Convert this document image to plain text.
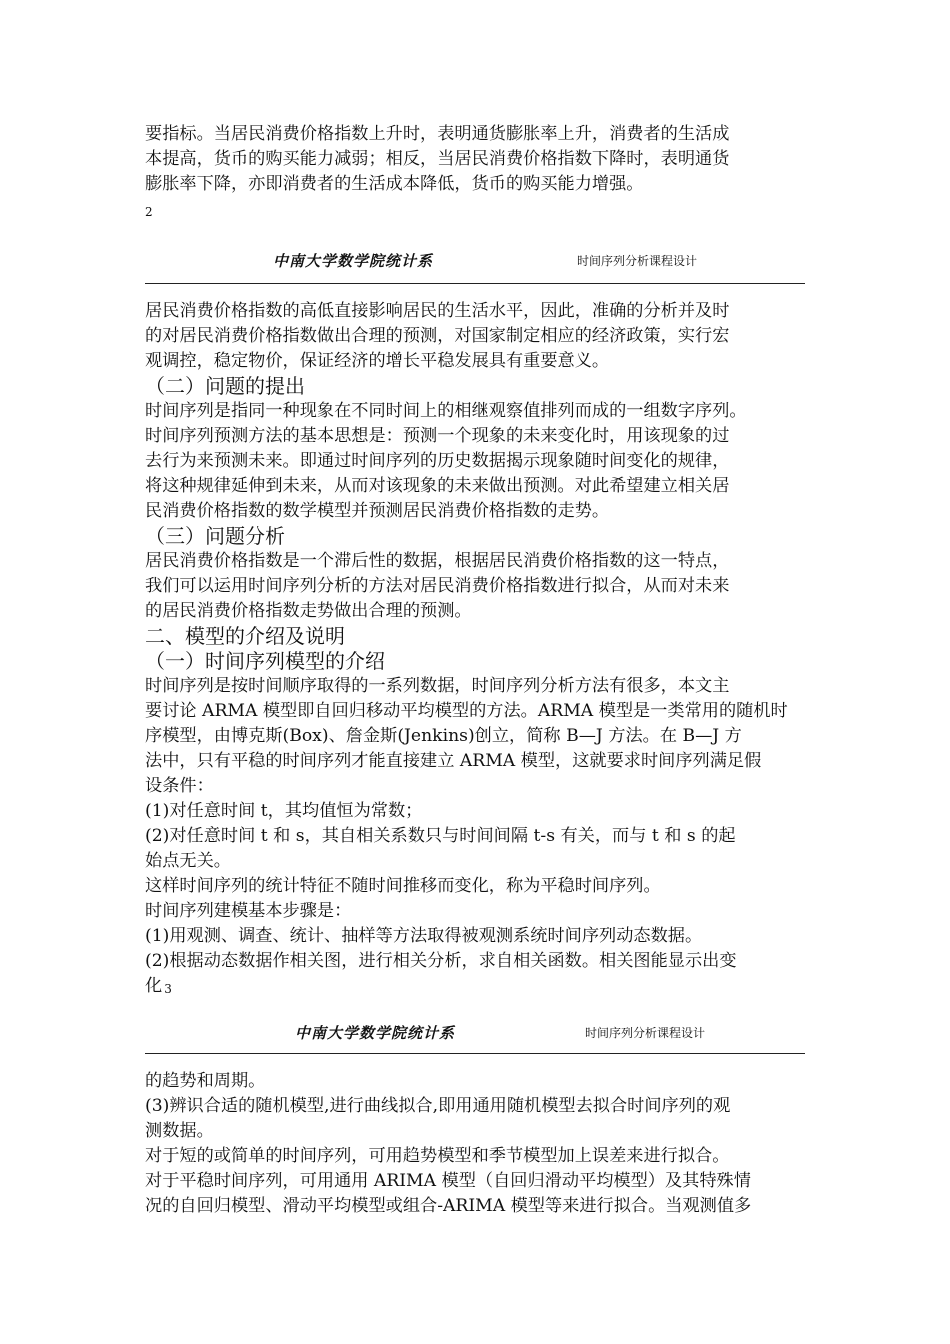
要指标。当居民消费价格指数上升时，表明通货膨胀率上升，消费者的生活成

本提高，货币的购买能力减弱；相反，当居民消费价格指数下降时，表明通货

膨胀率下降，亦即消费者的生活成本降低，货币的购买能力增强。

2
中南大学数学院统计系	时间序列分析课程设计

居民消费价格指数的高低直接影响居民的生活水平，因此，准确的分析并及时

的对居民消费价格指数做出合理的预测，对国家制定相应的经济政策，实行宏

观调控，稳定物价，保证经济的增长平稳发展具有重要意义。

（二）问题的提出

时间序列是指同一种现象在不同时间上的相继观察值排列而成的一组数字序列。

时间序列预测方法的基本思想是：预测一个现象的未来变化时，用该现象的过

去行为来预测未来。即通过时间序列的历史数据揭示现象随时间变化的规律，

将这种规律延伸到未来，从而对该现象的未来做出预测。对此希望建立相关居

民消费价格指数的数学模型并预测居民消费价格指数的走势。

（三）问题分析

居民消费价格指数是一个滞后性的数据，根据居民消费价格指数的这一特点，

我们可以运用时间序列分析的方法对居民消费价格指数进行拟合，从而对未来

的居民消费价格指数走势做出合理的预测。

二、模型的介绍及说明

（一）时间序列模型的介绍

时间序列是按时间顺序取得的一系列数据，时间序列分析方法有很多，本文主

要讨论 ARMA 模型即自回归移动平均模型的方法。ARMA 模型是一类常用的随机时

序模型，由博克斯(Box)、詹金斯(Jenkins)创立，简称 B—J 方法。在 B—J 方

法中，只有平稳的时间序列才能直接建立 ARMA 模型，这就要求时间序列满足假

设条件：

(1)对任意时间 t，其均值恒为常数；

(2)对任意时间 t 和 s，其自相关系数只与时间间隔 t-s 有关，而与 t 和 s 的起

始点无关。

这样时间序列的统计特征不随时间推移而变化，称为平稳时间序列。

时间序列建模基本步骤是：

(1)用观测、调查、统计、抽样等方法取得被观测系统时间序列动态数据。

(2)根据动态数据作相关图，进行相关分析，求自相关函数。相关图能显示出变

化 3

中南大学数学院统计系	时间序列分析课程设计

的趋势和周期。

(3)辨识合适的随机模型,进行曲线拟合,即用通用随机模型去拟合时间序列的观

测数据。

对于短的或简单的时间序列，可用趋势模型和季节模型加上误差来进行拟合。

对于平稳时间序列，可用通用 ARIMA 模型（自回归滑动平均模型）及其特殊情

况的自回归模型、滑动平均模型或组合-ARIMA 模型等来进行拟合。当观测值多
